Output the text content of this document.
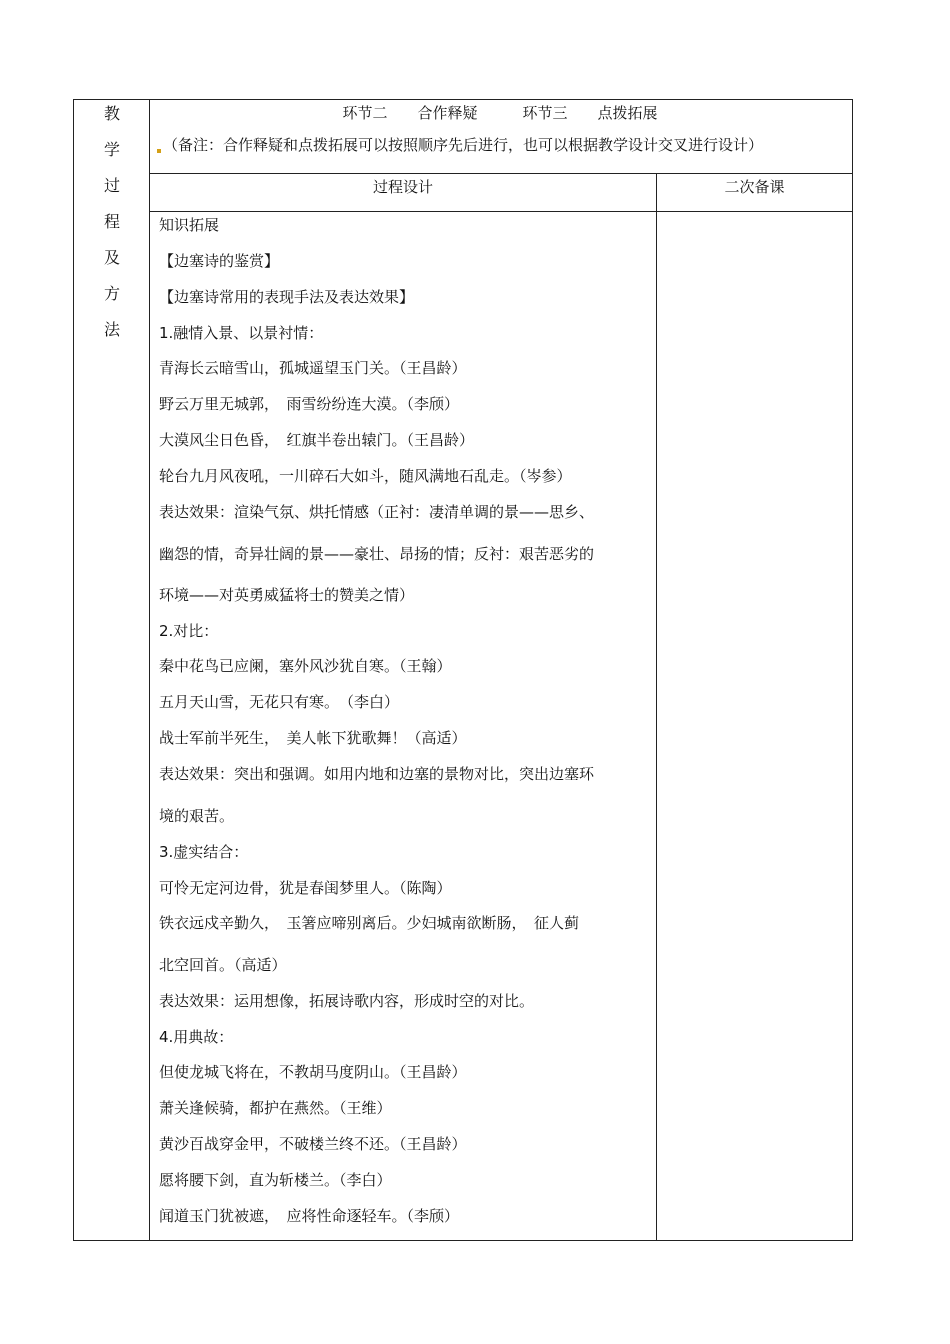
教
学
过
程
及
方
法
环节二　　合作释疑　　　环节三　　点拨拓展
（备注：合作释疑和点拨拓展可以按照顺序先后进行，也可以根据教学设计交叉进行设计）
过程设计	二次备课
知识拓展
【边塞诗的鉴赏】
【边塞诗常用的表现手法及表达效果】
1.融情入景、以景衬情：
青海长云暗雪山，孤城遥望玉门关。（王昌龄）
野云万里无城郭，　雨雪纷纷连大漠。（李颀）
大漠风尘日色昏，　红旗半卷出辕门。（王昌龄）
轮台九月风夜吼，一川碎石大如斗，随风满地石乱走。（岑参）
表达效果：渲染气氛、烘托情感（正衬：凄清单调的景——思乡、
幽怨的情，奇异壮阔的景——豪壮、昂扬的情；反衬：艰苦恶劣的
环境——对英勇威猛将士的赞美之情）
2.对比：
秦中花鸟已应阑，塞外风沙犹自寒。（王翰）
五月天山雪，无花只有寒。　（李白）
战士军前半死生，　美人帐下犹歌舞！（高适）
表达效果：突出和强调。如用内地和边塞的景物对比，突出边塞环
境的艰苦。
3.虚实结合：
可怜无定河边骨，犹是春闺梦里人。（陈陶）
铁衣远戍辛勤久，　玉箸应啼别离后。少妇城南欲断肠，　征人蓟
北空回首。（高适）
表达效果：运用想像，拓展诗歌内容，形成时空的对比。
4.用典故：
但使龙城飞将在，不教胡马度阴山。（王昌龄）
萧关逢候骑，都护在燕然。（王维）
黄沙百战穿金甲，不破楼兰终不还。（王昌龄）
愿将腰下剑，直为斩楼兰。（李白）
闻道玉门犹被遮，　应将性命逐轻车。（李颀）
